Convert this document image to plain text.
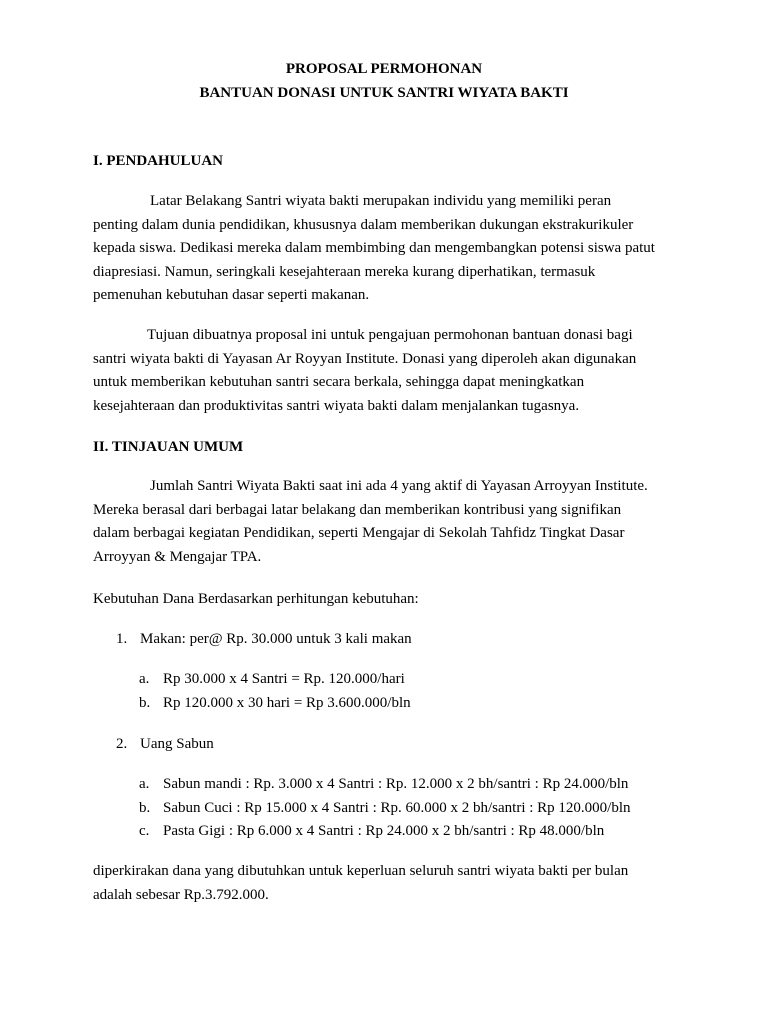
PROPOSAL PERMOHONAN
BANTUAN DONASI UNTUK SANTRI WIYATA BAKTI
I. PENDAHULUAN

Latar Belakang Santri wiyata bakti merupakan individu yang memiliki peran
penting dalam dunia pendidikan, khususnya dalam memberikan dukungan ekstrakurikuler
kepada siswa. Dedikasi mereka dalam membimbing dan mengembangkan potensi siswa patut
diapresiasi. Namun, seringkali kesejahteraan mereka kurang diperhatikan, termasuk
pemenuhan kebutuhan dasar seperti makanan.

Tujuan dibuatnya proposal ini untuk pengajuan permohonan bantuan donasi bagi
santri wiyata bakti di Yayasan Ar Royyan Institute. Donasi yang diperoleh akan digunakan
untuk memberikan kebutuhan santri secara berkala, sehingga dapat meningkatkan
kesejahteraan dan produktivitas santri wiyata bakti dalam menjalankan tugasnya.

II. TINJAUAN UMUM

Jumlah Santri Wiyata Bakti saat ini ada 4 yang aktif di Yayasan Arroyyan Institute.
Mereka berasal dari berbagai latar belakang dan memberikan kontribusi yang signifikan
dalam berbagai kegiatan Pendidikan, seperti Mengajar di Sekolah Tahfidz Tingkat Dasar
Arroyyan & Mengajar TPA.

Kebutuhan Dana Berdasarkan perhitungan kebutuhan:
1. Makan: per@ Rp. 30.000 untuk 3 kali makan
a. Rp 30.000 x 4 Santri = Rp. 120.000/hari
b. Rp 120.000 x 30 hari = Rp 3.600.000/bln
2. Uang Sabun
a. Sabun mandi : Rp. 3.000 x 4 Santri : Rp. 12.000 x 2 bh/santri : Rp 24.000/bln
b. Sabun Cuci : Rp 15.000 x 4 Santri : Rp. 60.000 x 2 bh/santri : Rp 120.000/bln
c. Pasta Gigi : Rp 6.000 x 4 Santri : Rp 24.000 x 2 bh/santri : Rp 48.000/bln

diperkirakan dana yang dibutuhkan untuk keperluan seluruh santri wiyata bakti per bulan
adalah sebesar Rp.3.792.000.
